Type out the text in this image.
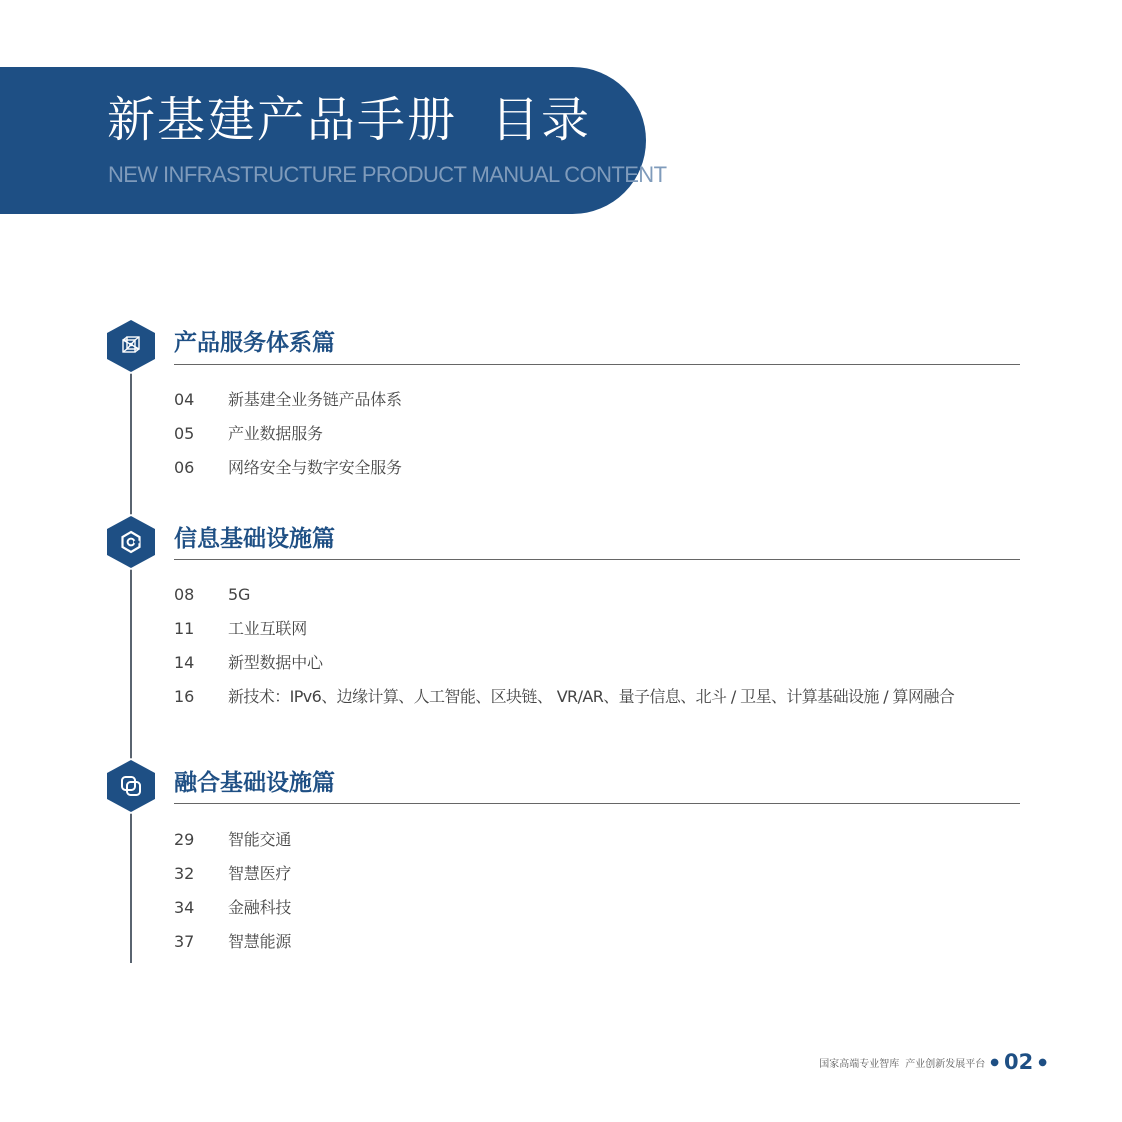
新基建产品手册 目录
NEW INFRASTRUCTURE PRODUCT MANUAL CONTENT
产品服务体系篇
04 新基建全业务链产品体系
05 产业数据服务
06 网络安全与数字安全服务
信息基础设施篇
08 5G
11 工业互联网
14 新型数据中心
16 新技术：IPv6、边缘计算、人工智能、区块链、 VR/AR、量子信息、北斗 / 卫星、计算基础设施 / 算网融合
融合基础设施篇
29 智能交通
32 智慧医疗
34 金融科技
37 智慧能源
国家高端专业智库 产业创新发展平台 ● 02 ●
